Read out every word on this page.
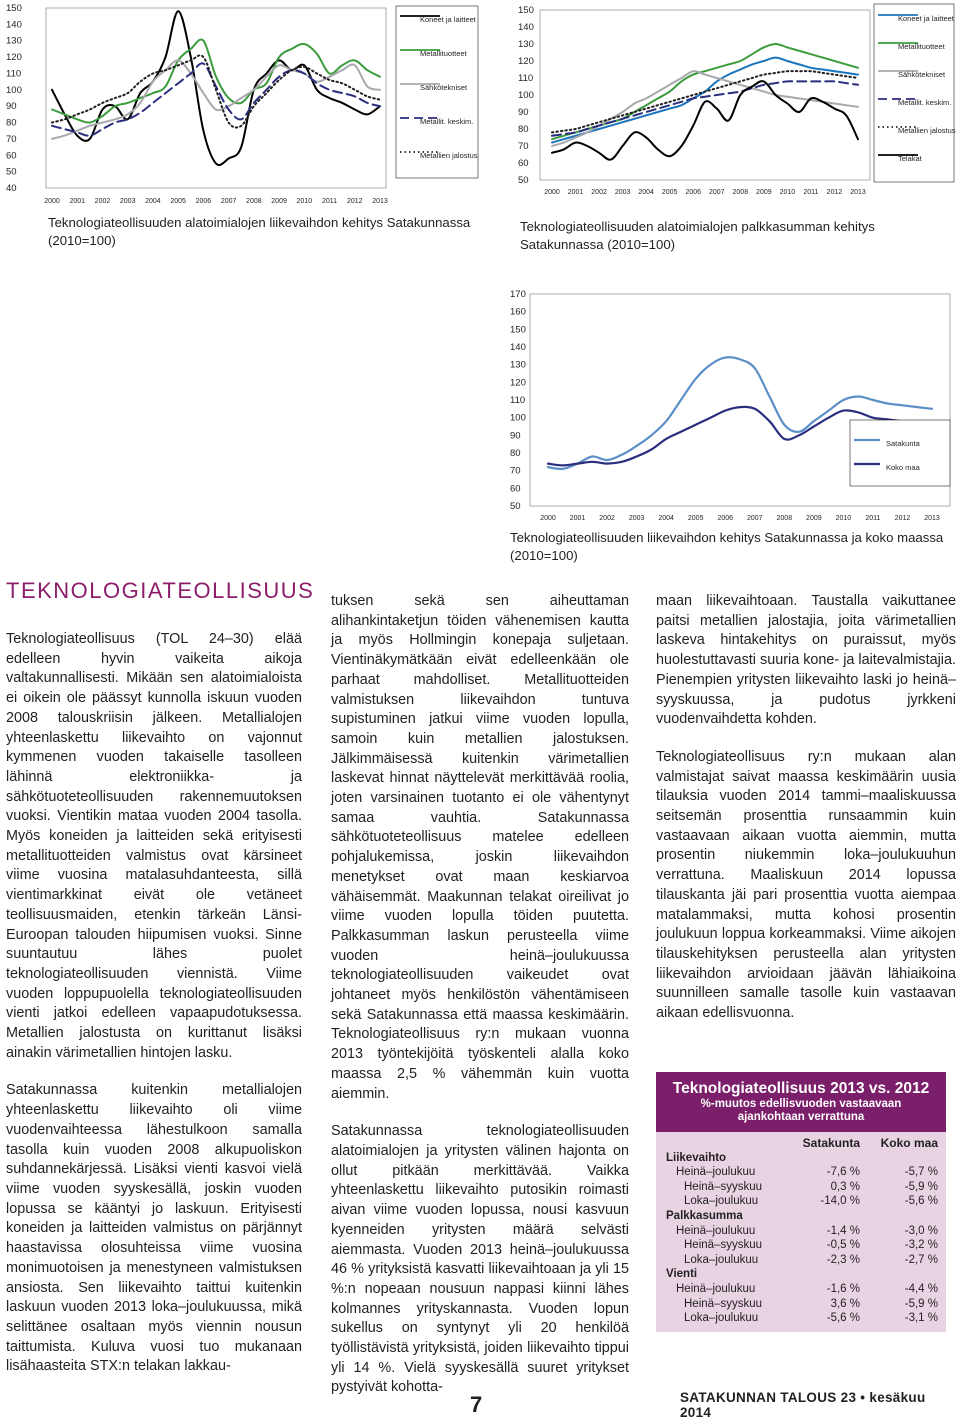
150
140
130
120
110
100
90
80
70
60
50
40
2000 2001 2002 2003 2004 2005 2006 2007 2008 2009 2010 2011 2012 2013
Koneet ja laitteet
Metallituotteet
Sähkötekniset
Metallit. keskim.
Metallien jalostus
Teknologiateollisuuden alatoimialojen liikevaihdon kehitys Satakunnassa (2010=100)
150
140
130
120
110
100
90
80
70
60
50
2000 2001 2002 2003 2004 2005 2006 2007 2008 2009 2010 2011 2012 2013
Koneet ja laitteet
Metallituotteet
Sähkötekniset
Metallit. keskim.
Metallien jalostus
Telakat
Teknologiateollisuuden alatoimialojen palkkasumman kehitys Satakunnassa (2010=100)
170
160
150
140
130
120
110
100
90
80
70
60
50
2000 2001 2002 2003 2004 2005 2006 2007 2008 2009 2010 2011 2012 2013
Satakunta
Koko maa
Teknologiateollisuuden liikevaihdon kehitys Satakunnassa ja koko maassa (2010=100)
TEKNOLOGIATEOLLISUUS

Teknologiateollisuus (TOL 24–30) elää edelleen hyvin vaikeita aikoja valtakunnallisesti. Mikään sen alatoimialoista ei oikein ole päässyt kunnolla iskuun vuoden 2008 talouskriisin jälkeen. Metallialojen yhteenlaskettu liikevaihto on vajonnut kymmenen vuoden takaiselle tasolleen lähinnä elektroniikka- ja sähkötuoteteollisuuden rakennemuutoksen vuoksi. Vientikin mataa vuoden 2004 tasolla. Myös koneiden ja laitteiden sekä erityisesti metallituotteiden valmistus ovat kärsineet viime vuosina matalasuhdanteesta, sillä vientimarkkinat eivät ole vetäneet teollisuusmaiden, etenkin tärkeän Länsi-Euroopan talouden hiipumisen vuoksi. Sinne suuntautuu lähes puolet teknologiateollisuuden viennistä. Viime vuoden loppupuolella teknologiateollisuuden vienti jatkoi edelleen vapaapudotuksessa. Metallien jalostusta on kurittanut lisäksi ainakin värimetallien hintojen lasku.

Satakunnassa kuitenkin metallialojen yhteenlaskettu liikevaihto oli viime vuodenvaihteessa lähestulkoon samalla tasolla kuin vuoden 2008 alkupuoliskon suhdannekärjessä. Lisäksi vienti kasvoi vielä viime vuoden syyskesällä, joskin vuoden lopussa se kääntyi jo laskuun. Erityisesti koneiden ja laitteiden valmistus on pärjännyt haastavissa olosuhteissa viime vuosina monimuotoisen ja menestyneen valmistuksen ansiosta. Sen liikevaihto taittui kuitenkin laskuun vuoden 2013 loka–joulukuussa, mikä selittänee osaltaan myös viennin nousun taittumista. Kuluva vuosi tuo mukanaan lisähaasteita STX:n telakan lakkau-

tuksen sekä sen aiheuttaman alihankintaketjun töiden vähenemisen kautta ja myös Hollmingin konepaja suljetaan. Vientinäkymätkään eivät edelleenkään ole parhaat mahdolliset. Metallituotteiden valmistuksen liikevaihdon tuntuva supistuminen jatkui viime vuoden lopulla, samoin kuin metallien jalostuksen. Jälkimmäisessä kuitenkin värimetallien laskevat hinnat näyttelevät merkittävää roolia, joten varsinainen tuotanto ei ole vähentynyt samaa vauhtia. Satakunnassa sähkötuoteteollisuus matelee edelleen pohjalukemissa, joskin liikevaihdon menetykset ovat maan keskiarvoa vähäisemmät. Maakunnan telakat oireilivat jo viime vuoden lopulla töiden puutetta. Palkkasumman laskun perusteella viime vuoden heinä–joulukuussa teknologiateollisuuden vaikeudet ovat johtaneet myös henkilöstön vähentämiseen sekä Satakunnassa että maassa keskimäärin. Teknologiateollisuus ry:n mukaan vuonna 2013 työntekijöitä työskenteli alalla koko maassa 2,5 % vähemmän kuin vuotta aiemmin.

Satakunnassa teknologiateollisuuden alatoimialojen ja yritysten välinen hajonta on ollut pitkään merkittävää. Vaikka yhteenlaskettu liikevaihto putosikin roimasti aivan viime vuoden lopussa, nousi kasvuun kyenneiden yritysten määrä selvästi aiemmasta. Vuoden 2013 heinä–joulukuussa 46 % yrityksistä kasvatti liikevaihtoaan ja yli 15 %:n nopeaan nousuun nappasi kiinni lähes kolmannes yrityskannasta. Vuoden lopun sukellus on syntynyt yli 20 henkilöä työllistävistä yrityksistä, joiden liikevaihto tippui yli 14 %. Vielä syyskesällä suuret yritykset pystyivät kohotta-

maan liikevaihtoaan. Taustalla vaikuttanee paitsi metallien jalostajia, joita värimetallien laskeva hintakehitys on puraissut, myös huolestuttavasti suuria kone- ja laitevalmistajia. Pienempien yritysten liikevaihto laski jo heinä–syyskuussa, ja pudotus jyrkkeni vuodenvaihdetta kohden.

Teknologiateollisuus ry:n mukaan alan valmistajat saivat maassa keskimäärin uusia tilauksia vuoden 2014 tammi–maaliskuussa seitsemän prosenttia runsaammin kuin vastaavaan aikaan vuotta aiemmin, mutta prosentin niukemmin loka–joulukuuhun verrattuna. Maaliskuun 2014 lopussa tilauskanta jäi pari prosenttia vuotta aiempaa matalammaksi, mutta kohosi prosentin joulukuun loppua korkeammaksi. Viime aikojen tilauskehityksen perusteella alan yritysten liikevaihdon arvioidaan jäävän lähiaikoina suunnilleen samalle tasolle kuin vastaavan aikaan edellisvuonna.

Teknologiateollisuus 2013 vs. 2012
%-muutos edellisvuoden vastaavaan
ajankohtaan verrattuna
Satakunta	Koko maa
Liikevaihto
Heinä–joulukuu	-7,6 %	-5,7 %
Heinä–syyskuu	0,3 %	-5,9 %
Loka–joulukuu	-14,0 %	-5,6 %
Palkkasumma
Heinä–joulukuu	-1,4 %	-3,0 %
Heinä–syyskuu	-0,5 %	-3,2 %
Loka–joulukuu	-2,3 %	-2,7 %
Vienti
Heinä–joulukuu	-1,6 %	-4,4 %
Heinä–syyskuu	3,6 %	-5,9 %
Loka–joulukuu	-5,6 %	-3,1 %
7	SATAKUNNAN TALOUS 23 • kesäkuu 2014
